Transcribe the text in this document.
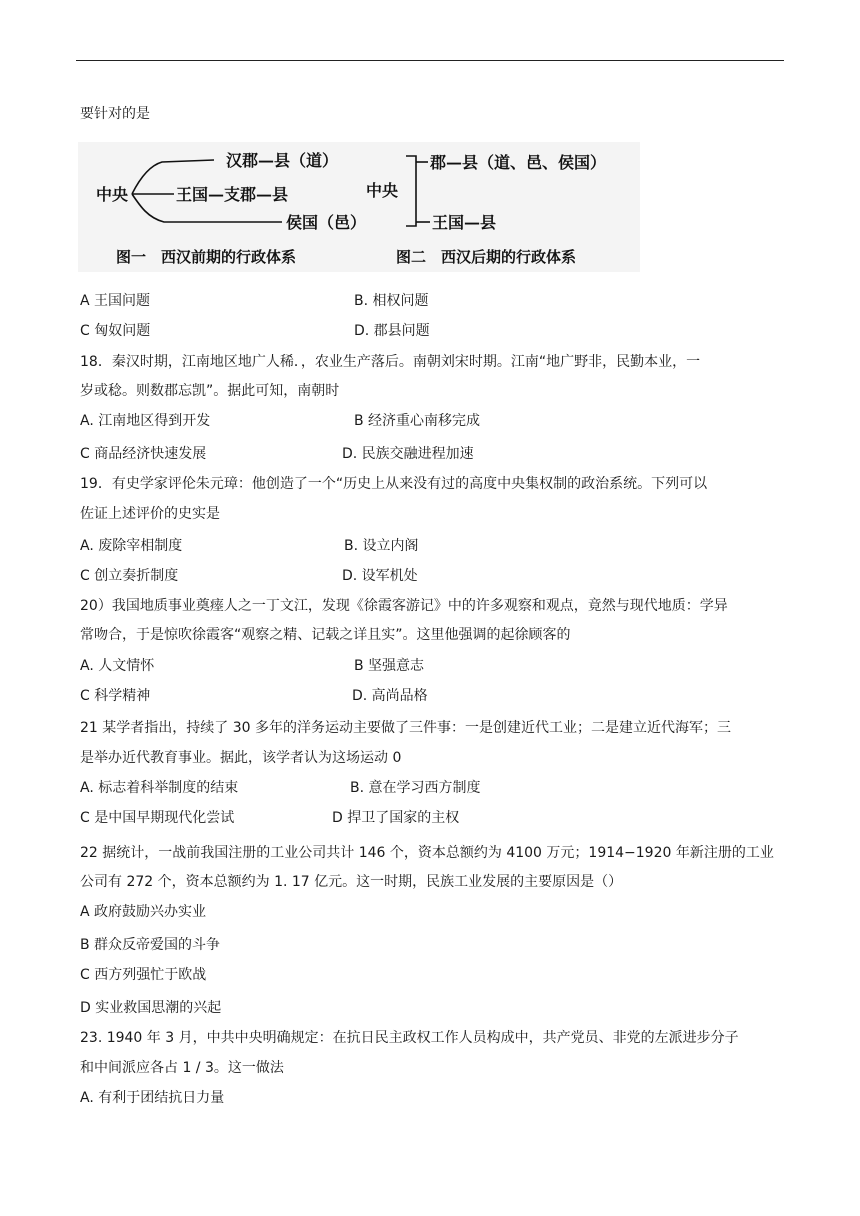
要针对的是
中央
汉郡—县（道）
王国—支郡—县
侯国（邑）
图一　西汉前期的行政体系
中央
郡—县（道、邑、侯国）
王国—县
图二　西汉后期的行政体系
A 王国问题	B. 相权问题
C 匈奴问题	D. 郡县问题
18．秦汉时期，江南地区地广人稀．，农业生产落后。南朝刘宋时期。江南“地广野非，民勤本业，一
岁或稔。则数郡忘凯”。据此可知，南朝时
A. 江南地区得到开发	B 经济重心南移完成
C 商品经济快速发展	D. 民族交融进程加速
19．有史学家评伦朱元璋：他创造了一个“历史上从来没有过的高度中央集权制的政治系统。下列可以
佐证上述评价的史实是
A. 废除宰相制度	B. 设立内阁
C 创立奏折制度	D. 设军机处
20）我国地质事业奠瘗人之一丁文江，发现《徐霞客游记》中的许多观察和观点，竟然与现代地质：学异
常吻合，于是惊吹徐霞客“观察之精、记载之详且实”。这里他强调的起徐顾客的
A. 人文情怀	B 坚强意志
C 科学精神	D. 高尚品格
21 某学者指出，持续了 30 多年的洋务运动主要做了三件事：一是创建近代工业；二是建立近代海军；三
是举办近代教育事业。据此，该学者认为这场运动 0
A. 标志着科举制度的结束	B. 意在学习西方制度
C 是中国早期现代化尝试	D 捍卫了国家的主权
22 据统计，一战前我国注册的工业公司共计 146 个，资本总额约为 4100 万元；1914−1920 年新注册的工业
公司有 272 个，资本总额约为 1. 17 亿元。这一时期，民族工业发展的主要原因是（）
A 政府鼓励兴办实业
B 群众反帝爱国的斗争
C 西方列强忙于欧战
D 实业救国思潮的兴起
23. 1940 年 3 月，中共中央明确规定：在抗日民主政权工作人员构成中，共产党员、非党的左派进步分子
和中间派应各占 1 / 3。这一做法
A. 有利于团结抗日力量
